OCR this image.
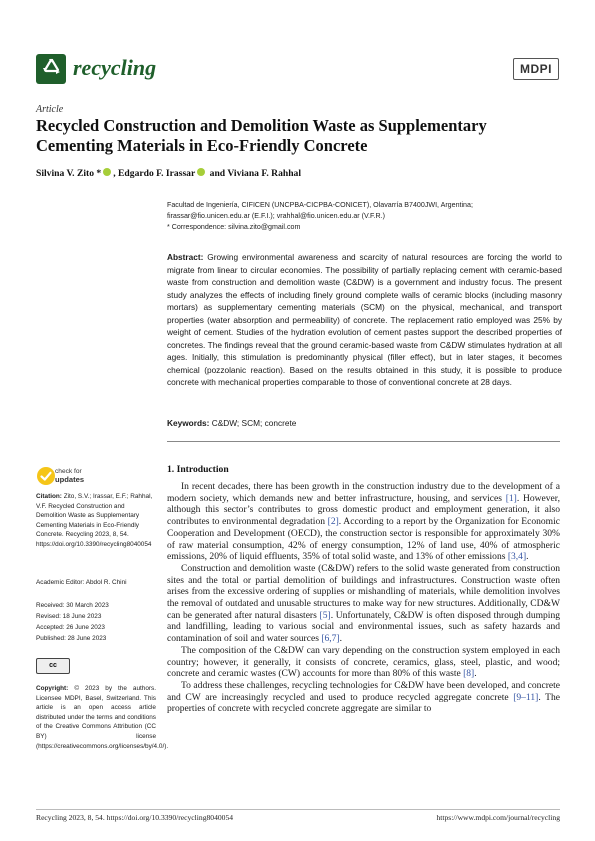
recycling	MDPI
Article
Recycled Construction and Demolition Waste as Supplementary Cementing Materials in Eco-Friendly Concrete
Silvina V. Zito * , Edgardo F. Irassar and Viviana F. Rahhal
Facultad de Ingeniería, CIFICEN (UNCPBA-CICPBA-CONICET), Olavarría B7400JWI, Argentina;
firassar@fio.unicen.edu.ar (E.F.I.); vrahhal@fio.unicen.edu.ar (V.F.R.)
* Correspondence: silvina.zito@gmail.com
Abstract: Growing environmental awareness and scarcity of natural resources are forcing the world to migrate from linear to circular economies. The possibility of partially replacing cement with ceramic-based waste from construction and demolition waste (C&DW) is a government and industry focus. The present study analyzes the effects of including finely ground complete walls of ceramic blocks (including masonry mortars) as supplementary cementing materials (SCM) on the physical, mechanical, and transport properties (water absorption and permeability) of concrete. The replacement ratio employed was 25% by weight of cement. Studies of the hydration evolution of cement pastes support the described properties of concretes. The findings reveal that the ground ceramic-based waste from C&DW stimulates hydration at all ages. Initially, this stimulation is predominantly physical (filler effect), but in later stages, it becomes chemical (pozzolanic reaction). Based on the results obtained in this study, it is possible to produce concrete with mechanical properties comparable to those of conventional concrete at 28 days.
Keywords: C&DW; SCM; concrete
check for
updates
Citation: Zito, S.V.; Irassar, E.F.; Rahhal, V.F. Recycled Construction and Demolition Waste as Supplementary Cementing Materials in Eco-Friendly Concrete. Recycling 2023, 8, 54. https://doi.org/10.3390/recycling8040054
Academic Editor: Abdol R. Chini
Received: 30 March 2023
Revised: 18 June 2023
Accepted: 26 June 2023
Published: 28 June 2023
cc
Copyright: © 2023 by the authors. Licensee MDPI, Basel, Switzerland. This article is an open access article distributed under the terms and conditions of the Creative Commons Attribution (CC BY) license (https://creativecommons.org/licenses/by/4.0/).
1. Introduction

In recent decades, there has been growth in the construction industry due to the development of a modern society, which demands new and better infrastructure, housing, and services [1]. However, although this sector’s contributes to gross domestic product and employment generation, it also contributes to environmental degradation [2]. According to a report by the Organization for Economic Cooperation and Development (OECD), the construction sector is responsible for approximately 30% of raw material consumption, 42% of energy consumption, 12% of land use, 40% of atmospheric emissions, 20% of liquid effluents, 35% of total solid waste, and 13% of other emissions [3,4].

Construction and demolition waste (C&DW) refers to the solid waste generated from construction sites and the total or partial demolition of buildings and infrastructures. Construction waste often arises from the excessive ordering of supplies or mishandling of materials, while demolition involves the removal of outdated and unusable structures to make way for new structures. Additionally, CD&W can be generated after natural disasters [5]. Unfortunately, C&DW is often disposed through dumping and landfilling, leading to various social and environmental issues, such as safety hazards and contamination of soil and water sources [6,7].

The composition of the C&DW can vary depending on the construction system employed in each country; however, it generally, it consists of concrete, ceramics, glass, steel, plastic, and wood; concrete and ceramic wastes (CW) accounts for more than 80% of this waste [8].

To address these challenges, recycling technologies for C&DW have been developed, and concrete and CW are increasingly recycled and used to produce recycled aggregate concrete [9–11]. The properties of concrete with recycled concrete aggregate are similar to

Recycling 2023, 8, 54. https://doi.org/10.3390/recycling8040054	https://www.mdpi.com/journal/recycling
